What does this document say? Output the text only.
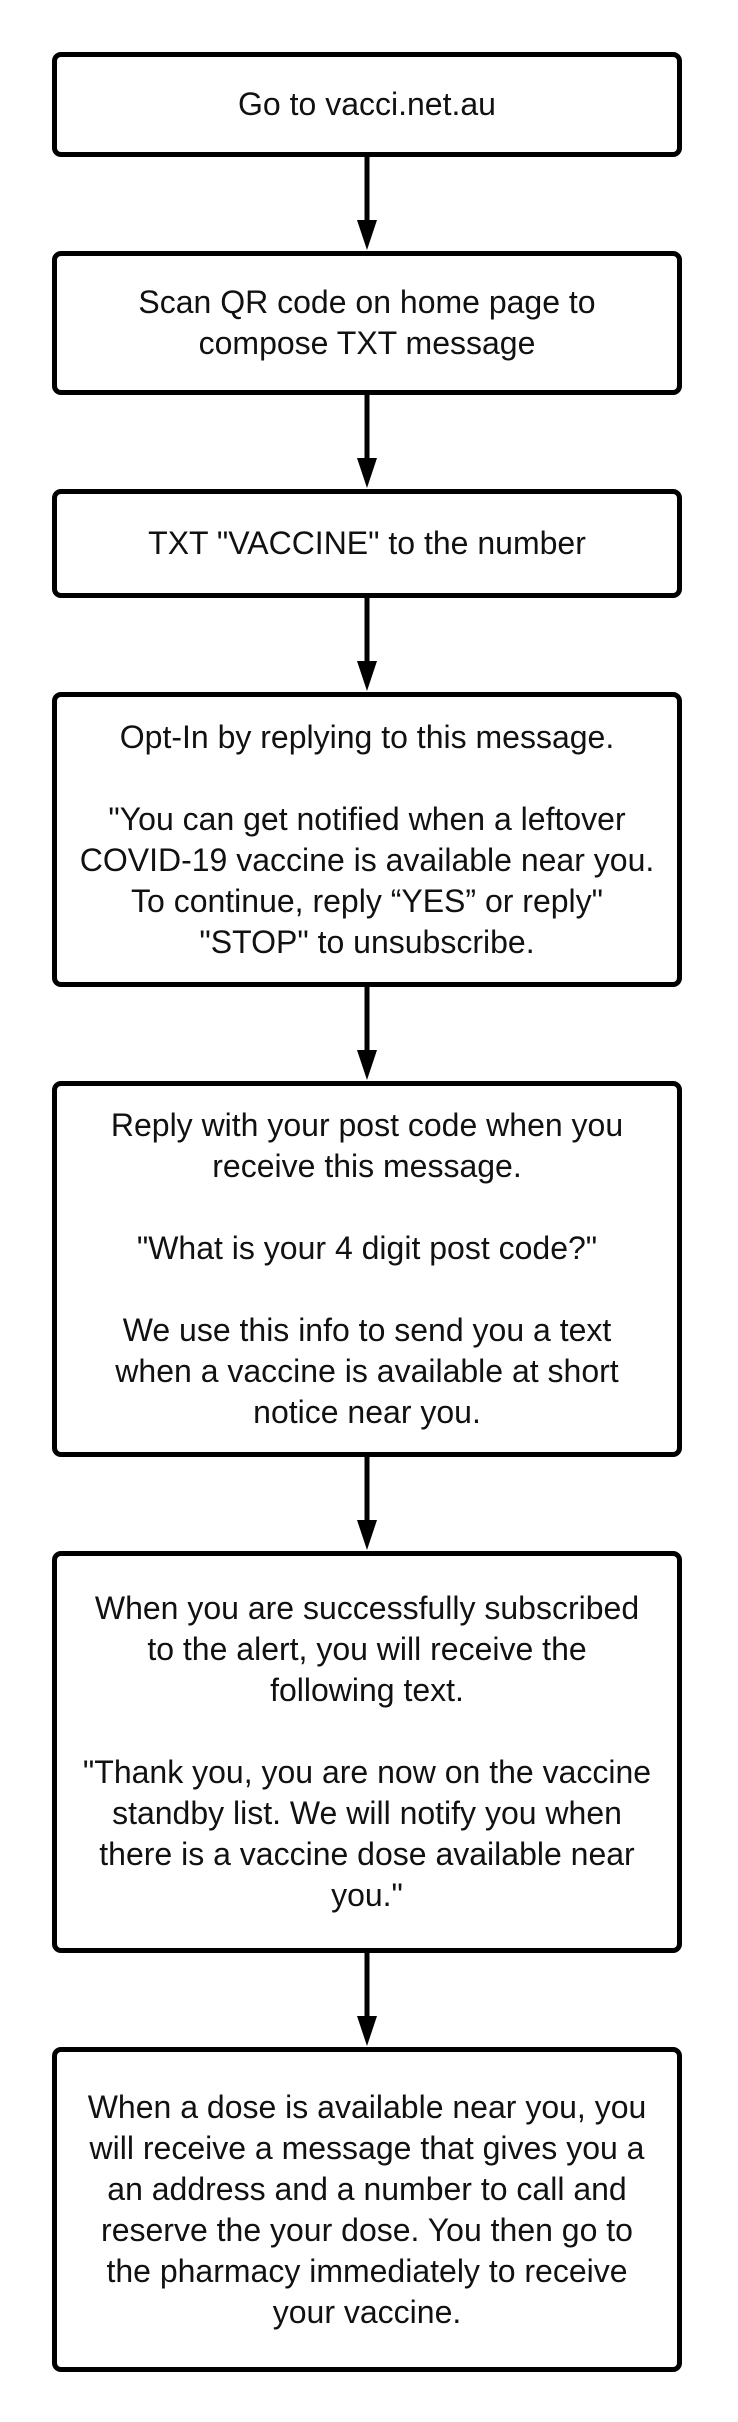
Go to vacci.net.au
Scan QR code on home page to
compose TXT message
TXT "VACCINE" to the number
Opt-In by replying to this message.
"You can get notified when a leftover
COVID-19 vaccine is available near you.
To continue, reply “YES” or reply"
"STOP" to unsubscribe.
Reply with your post code when you
receive this message.
"What is your 4 digit post code?"
We use this info to send you a text
when a vaccine is available at short
notice near you.
When you are successfully subscribed
to the alert, you will receive the
following text.
"Thank you, you are now on the vaccine
standby list. We will notify you when
there is a vaccine dose available near
you."
When a dose is available near you, you
will receive a message that gives you a
an address and a number to call and
reserve the your dose. You then go to
the pharmacy immediately to receive
your vaccine.
